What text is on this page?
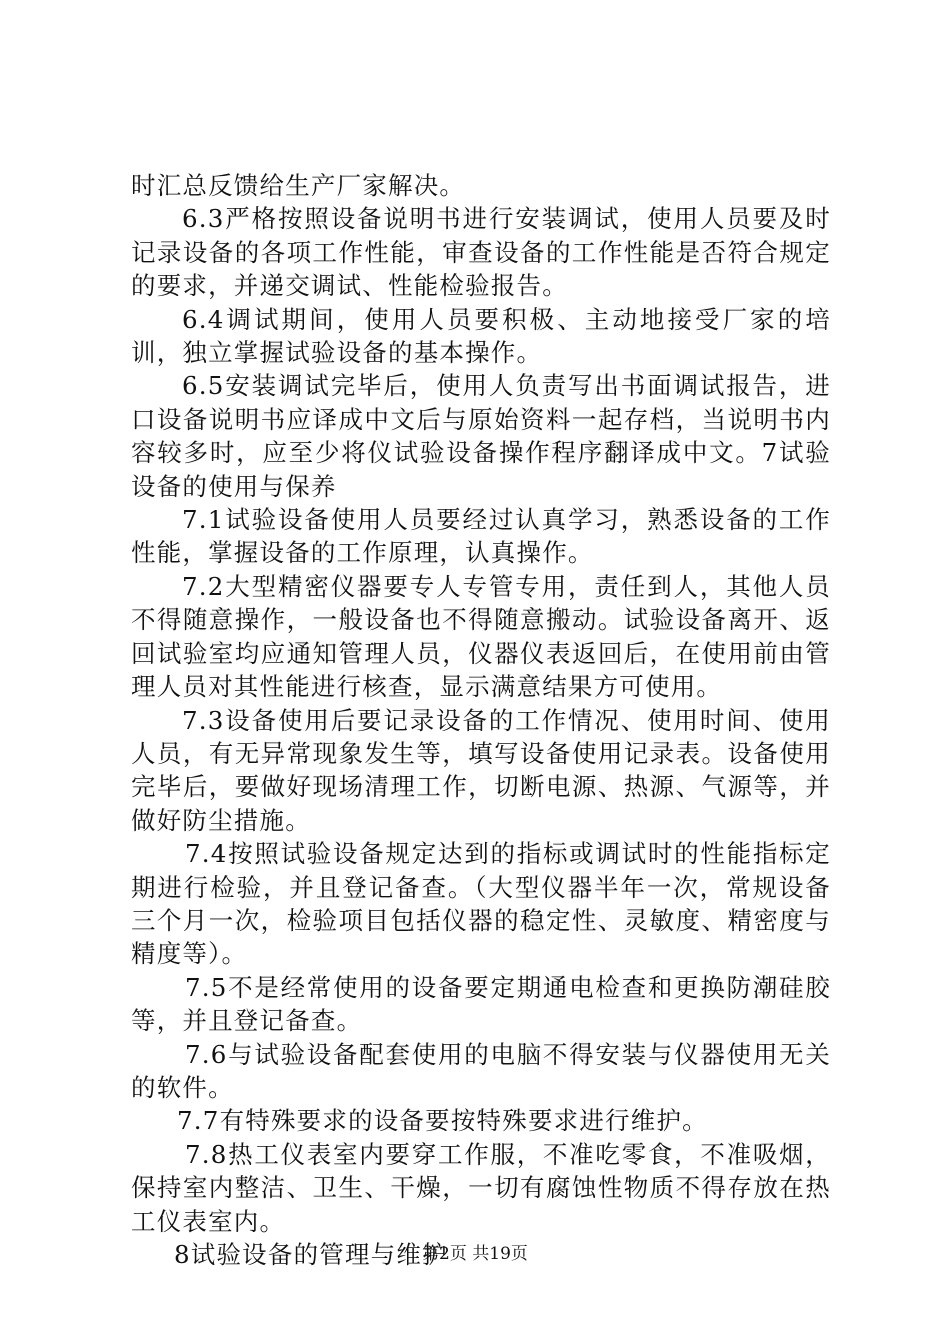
时汇总反馈给生产厂家解决。

6.3严格按照设备说明书进行安装调试，使用人员要及时记录设备的各项工作性能，审查设备的工作性能是否符合规定的要求，并递交调试、性能检验报告。

6.4调试期间，使用人员要积极、主动地接受厂家的培训，独立掌握试验设备的基本操作。

6.5安装调试完毕后，使用人负责写出书面调试报告，进口设备说明书应译成中文后与原始资料一起存档，当说明书内容较多时，应至少将仪试验设备操作程序翻译成中文。7试验设备的使用与保养

7.1试验设备使用人员要经过认真学习，熟悉设备的工作性能，掌握设备的工作原理，认真操作。

7.2大型精密仪器要专人专管专用，责任到人，其他人员不得随意操作，一般设备也不得随意搬动。试验设备离开、返回试验室均应通知管理人员，仪器仪表返回后，在使用前由管理人员对其性能进行核查，显示满意结果方可使用。

7.3设备使用后要记录设备的工作情况、使用时间、使用人员，有无异常现象发生等，填写设备使用记录表。设备使用完毕后，要做好现场清理工作，切断电源、热源、气源等，并做好防尘措施。

7.4按照试验设备规定达到的指标或调试时的性能指标定期进行检验，并且登记备查。（大型仪器半年一次，常规设备三个月一次，检验项目包括仪器的稳定性、灵敏度、精密度与精度等）。

7.5不是经常使用的设备要定期通电检查和更换防潮硅胶等，并且登记备查。

7.6与试验设备配套使用的电脑不得安装与仪器使用无关的软件。

7.7有特殊要求的设备要按特殊要求进行维护。

7.8热工仪表室内要穿工作服，不准吃零食，不准吸烟，保持室内整洁、卫生、干燥，一切有腐蚀性物质不得存放在热工仪表室内。

8试验设备的管理与维护

第2页 共19页
